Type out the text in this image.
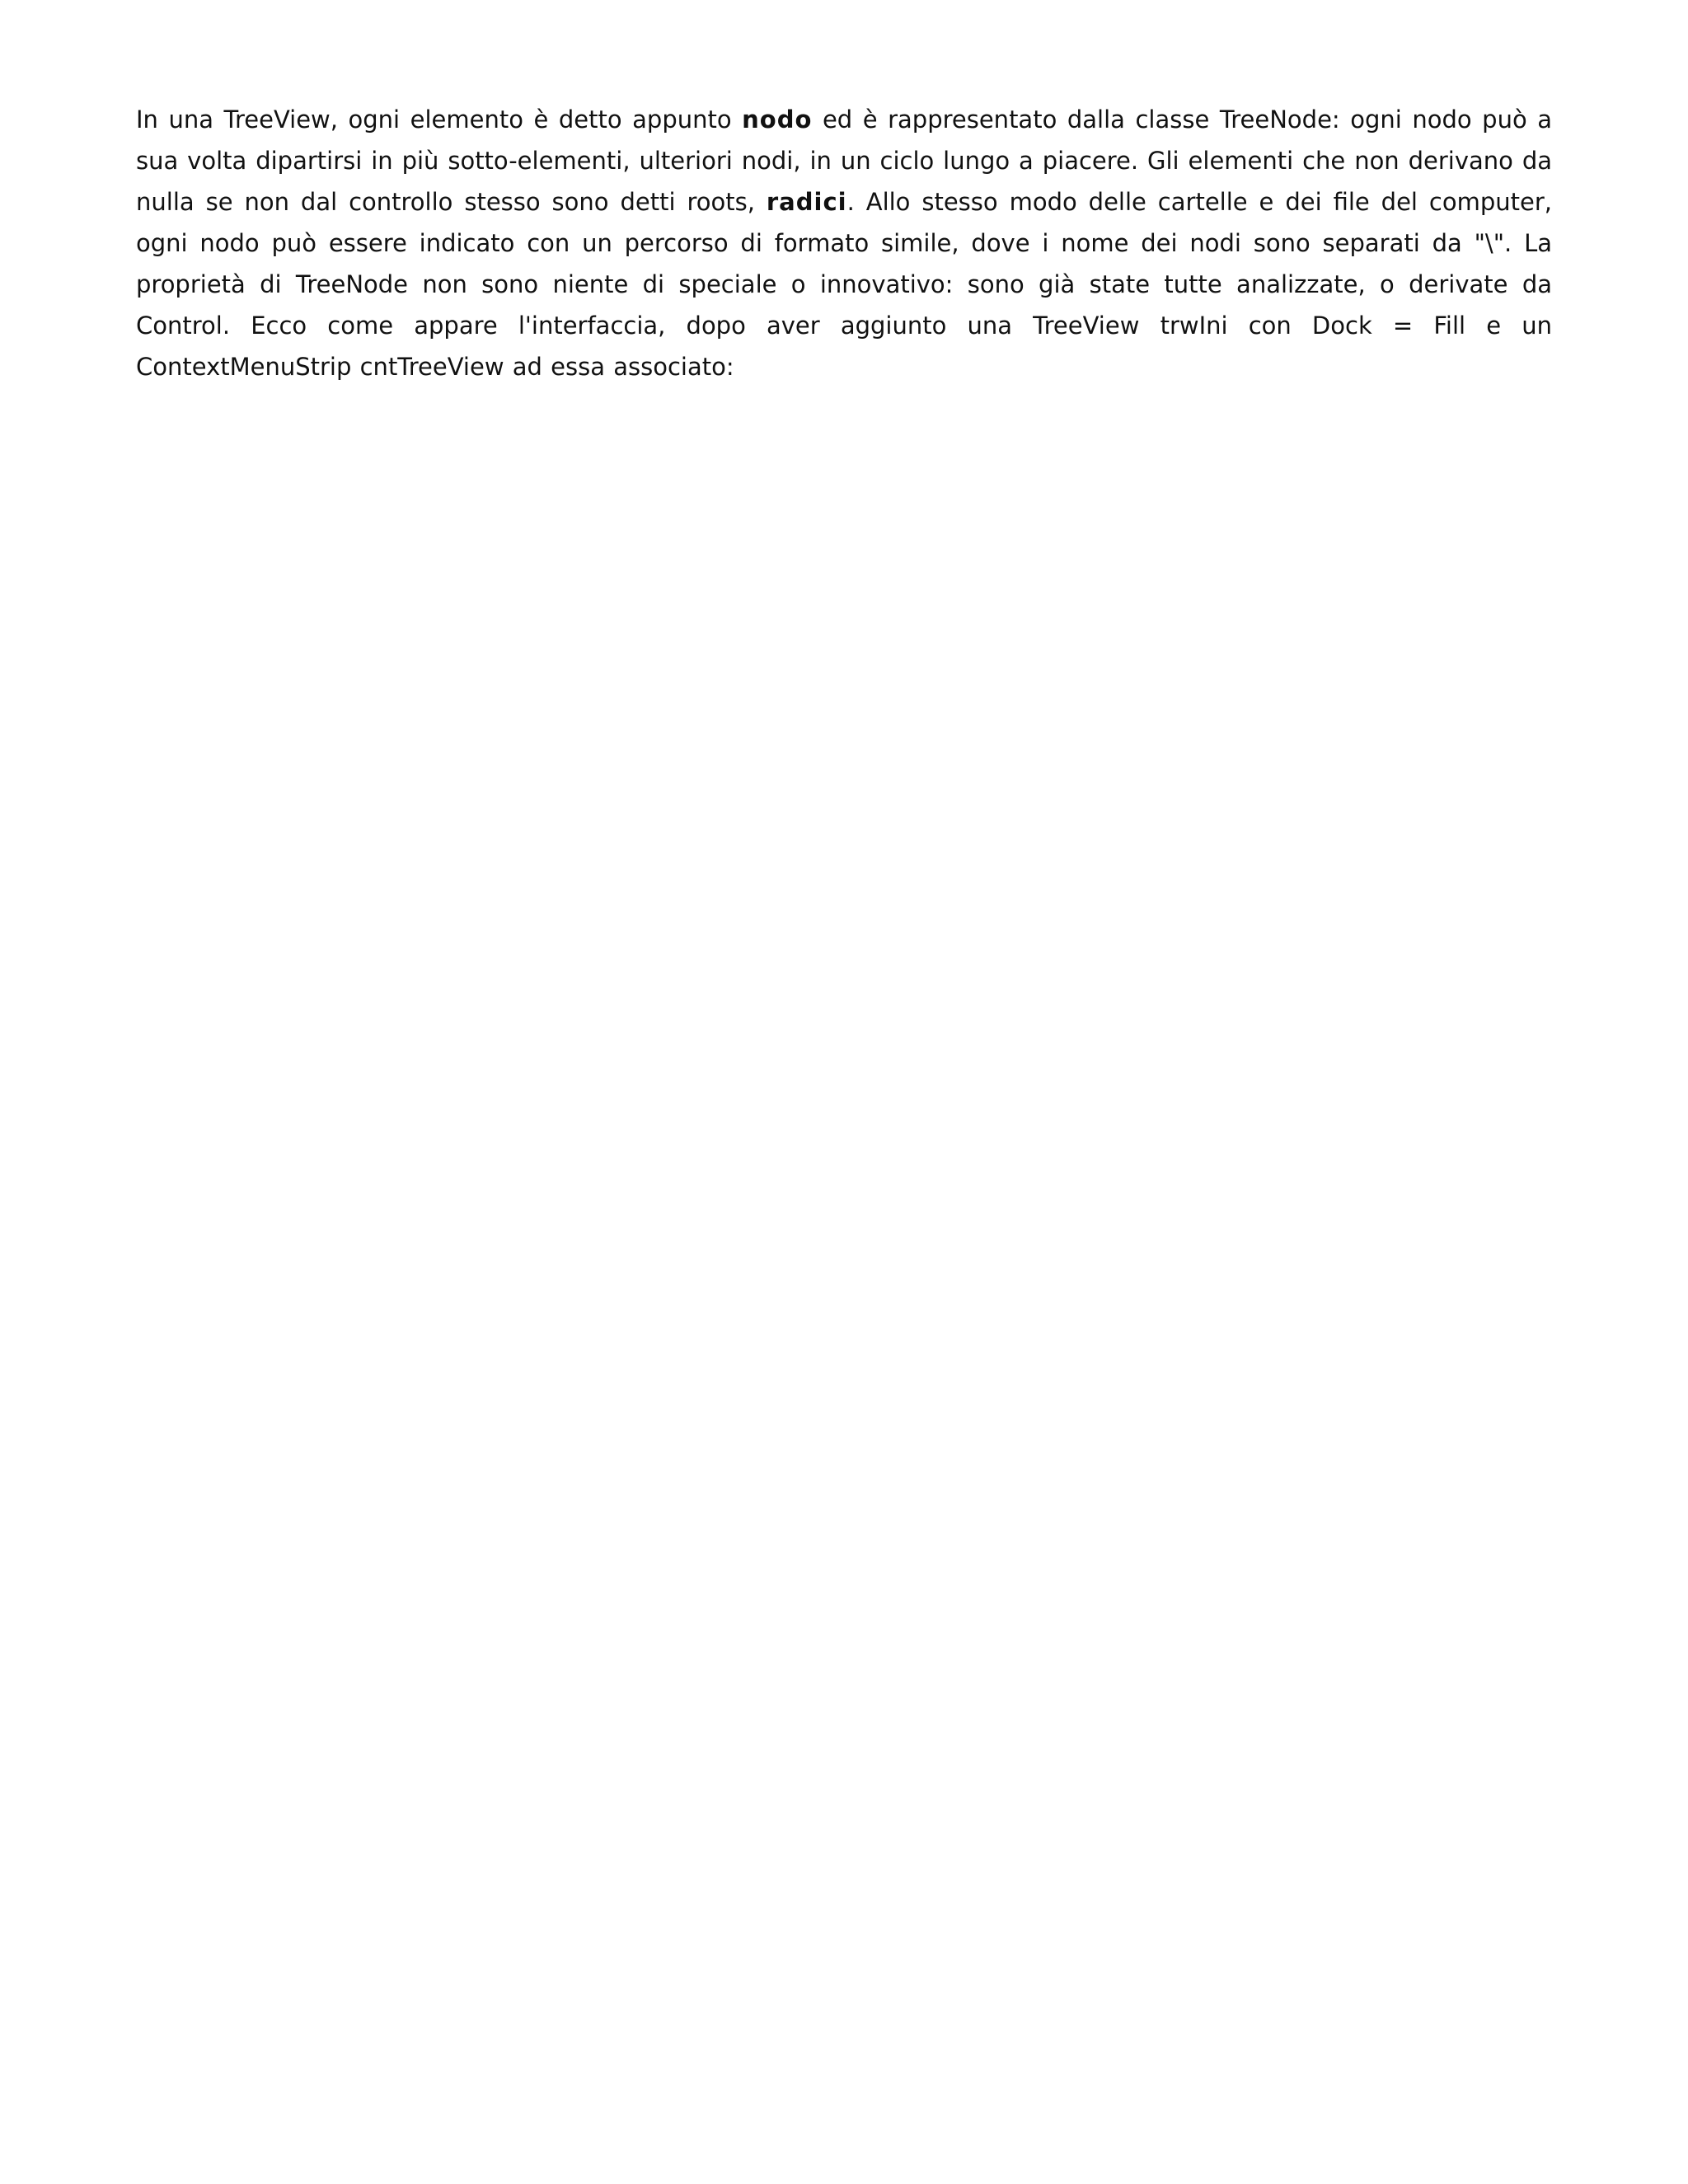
In una TreeView, ogni elemento è detto appunto nodo ed è rappresentato dalla classe TreeNode: ogni nodo può a sua volta dipartirsi in più sotto-elementi, ulteriori nodi, in un ciclo lungo a piacere. Gli elementi che non derivano da nulla se non dal controllo stesso sono detti roots, radici. Allo stesso modo delle cartelle e dei file del computer, ogni nodo può essere indicato con un percorso di formato simile, dove i nome dei nodi sono separati da "\". La proprietà di TreeNode non sono niente di speciale o innovativo: sono già state tutte analizzate, o derivate da Control. Ecco come appare l'interfaccia, dopo aver aggiunto una TreeView trwIni con Dock = Fill e un ContextMenuStrip cntTreeView ad essa associato:
